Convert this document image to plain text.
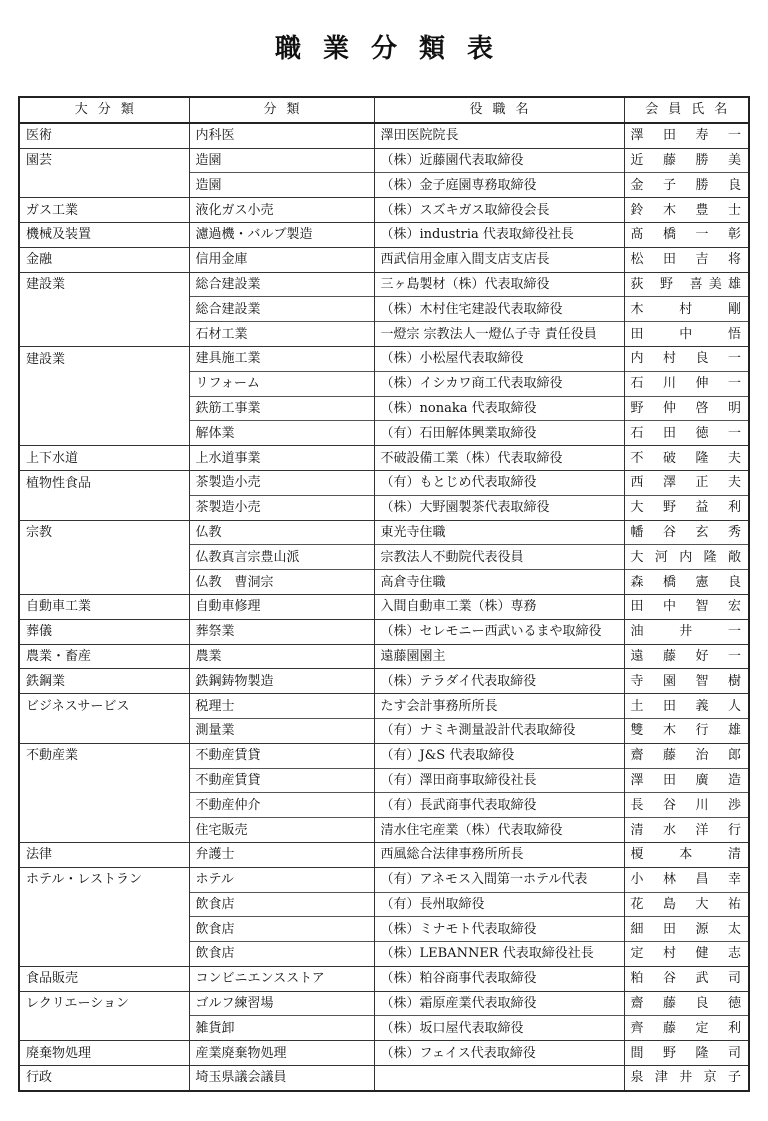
職業分類表
大分類	分類	役職名	会員氏名
医術	内科医	澤田医院院長	澤 田 寿 一
園芸	造園	（株）近藤園代表取締役	近 藤 勝 美
	造園	（株）金子庭園専務取締役	金 子 勝 良
ガス工業	液化ガス小売	（株）スズキガス取締役会長	鈴 木 豊 士
機械及装置	濾過機・バルブ製造	（株）industria 代表取締役社長	髙 橋 一 彰
金融	信用金庫	西武信用金庫入間支店支店長	松 田 吉 将
建設業	総合建設業	三ヶ島製材（株）代表取締役	荻 野 喜美雄
	総合建設業	（株）木村住宅建設代表取締役	木 村 剛
	石材工業	一燈宗 宗教法人一燈仏子寺 責任役員	田 中 悟
建設業	建具施工業	（株）小松屋代表取締役	内 村 良 一
	リフォーム	（株）イシカワ商工代表取締役	石 川 伸 一
	鉄筋工事業	（株）nonaka 代表取締役	野 仲 啓 明
	解体業	（有）石田解体興業取締役	石 田 徳 一
上下水道	上水道事業	不破設備工業（株）代表取締役	不 破 隆 夫
植物性食品	茶製造小売	（有）もとじめ代表取締役	西 澤 正 夫
	茶製造小売	（株）大野園製茶代表取締役	大 野 益 利
宗教	仏教	東光寺住職	幡 谷 玄 秀
	仏教真言宗豊山派	宗教法人不動院代表役員	大 河 内 隆 敞
	仏教　曹洞宗	高倉寺住職	森 橋 憲 良
自動車工業	自動車修理	入間自動車工業（株）専務	田 中 智 宏
葬儀	葬祭業	（株）セレモニー西武いるまや取締役	油 井 一
農業・畜産	農業	遠藤園園主	遠 藤 好 一
鉄鋼業	鉄鋼鋳物製造	（株）テラダイ代表取締役	寺 園 智 樹
ビジネスサービス	税理士	たす会計事務所所長	土 田 義 人
	測量業	（有）ナミキ測量設計代表取締役	雙 木 行 雄
不動産業	不動産賃貸	（有）J&S 代表取締役	齋 藤 治 郎
	不動産賃貸	（有）澤田商事取締役社長	澤 田 廣 造
	不動産仲介	（有）長武商事代表取締役	長 谷 川 渉
	住宅販売	清水住宅産業（株）代表取締役	清 水 洋 行
法律	弁護士	西風総合法律事務所所長	榎 本 清
ホテル・レストラン	ホテル	（有）アネモス入間第一ホテル代表	小 林 昌 幸
	飲食店	（有）長州取締役	花 島 大 祐
	飲食店	（株）ミナモト代表取締役	細 田 源 太
	飲食店	（株）LEBANNER 代表取締役社長	定 村 健 志
食品販売	コンビニエンスストア	（株）粕谷商事代表取締役	粕 谷 武 司
レクリエーション	ゴルフ練習場	（株）霜原産業代表取締役	齋 藤 良 徳
	雑貨卸	（株）坂口屋代表取締役	齊 藤 定 利
廃棄物処理	産業廃棄物処理	（株）フェイス代表取締役	間 野 隆 司
行政	埼玉県議会議員		泉 津 井 京 子
